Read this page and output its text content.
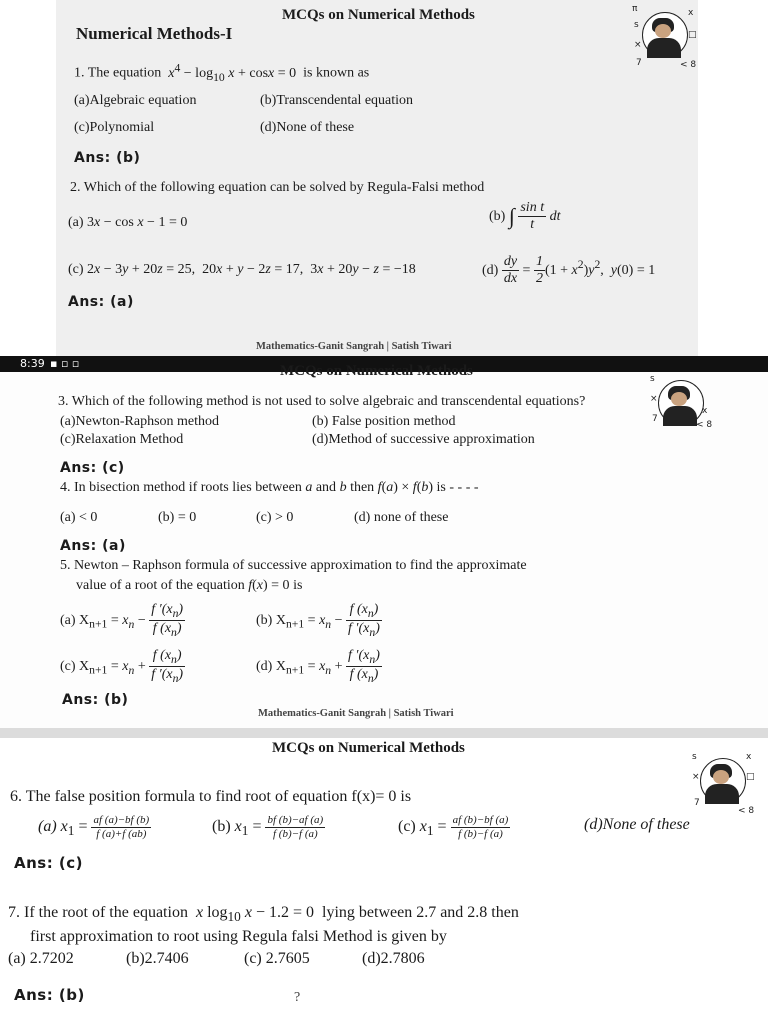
MCQs on Numerical Methods
Numerical Methods-I
π
s
×
7
x
□
< 8
1. The equation $x^4 - \log_{10} x + \cos x = 0$  is known as
(a)Algebraic equation	(b)Transcendental equation
(c)Polynomial	(d)None of these
Ans: (b)
2. Which of the following equation can be solved by Regula-Falsi method
(a) 3x − cos x − 1 = 0	(b) ∫ $\frac{\text{sin t}}{t}$ dt
(c) 2x − 3y + 20z = 25,  20x + y − 2z = 17,  3x + 20y − z = −18	$(d) \frac{dy}{dx} = \frac{1}{2} (1 + x^2)y^2$,  y(0) = 1
Ans: (a)
Mathematics-Ganit Sangrah | Satish Tiwari
8:39 ▪ ▫ ▫	MCQs on Numerical Methods	s
×
7
x
< 8
3. Which of the following method is not used to solve algebraic and transcendental equations?
(a)Newton-Raphson method	(b) False position method
(c)Relaxation Method	(d)Method of successive approximation
Ans: (c)
4. In bisection method if roots lies between a and b then f(a) × f(b) is - - - -
(a) < 0	(b) = 0	(c) > 0	(d) none of these
Ans: (a)
5. Newton – Raphson formula of successive approximation to find the approximate
value of a root of the equation f(x) = 0 is
(a) $X_{n+1} = x_n - \frac{f '(x_n)}{f (x_n)}$	(b) $X_{n+1} = x_n - \frac{f (x_n)}{f '(x_n)}$
(c) $X_{n+1} = x_n + \frac{f (x_n)}{f '(x_n)}$	(d) $X_{n+1} = x_n + \frac{f '(x_n)}{f (x_n)}$
Ans: (b)
Mathematics-Ganit Sangrah | Satish Tiwari
MCQs on Numerical Methods
s
×
7
x
□
< 8
6. The false position formula to find root of equation f(x)= 0 is
(a) $x_1 = \frac{af (a)-bf (b)}{f (a)+f (ab)}$	(b) $x_1 = \frac{bf (b)-af (a)}{f (b)-f (a)}$	(c) $x_1 = \frac{af (b)-bf (a)}{f (b)-f (a)}$	(d)None of these
Ans: (c)
7. If the root of the equation x $\log_{10} x - 1.2 = 0$  lying between 2.7 and 2.8 then
first approximation to root using Regula falsi Method is given by
(a) 2.7202	(b)2.7406	(c) 2.7605	(d)2.7806
Ans: (b)	?
